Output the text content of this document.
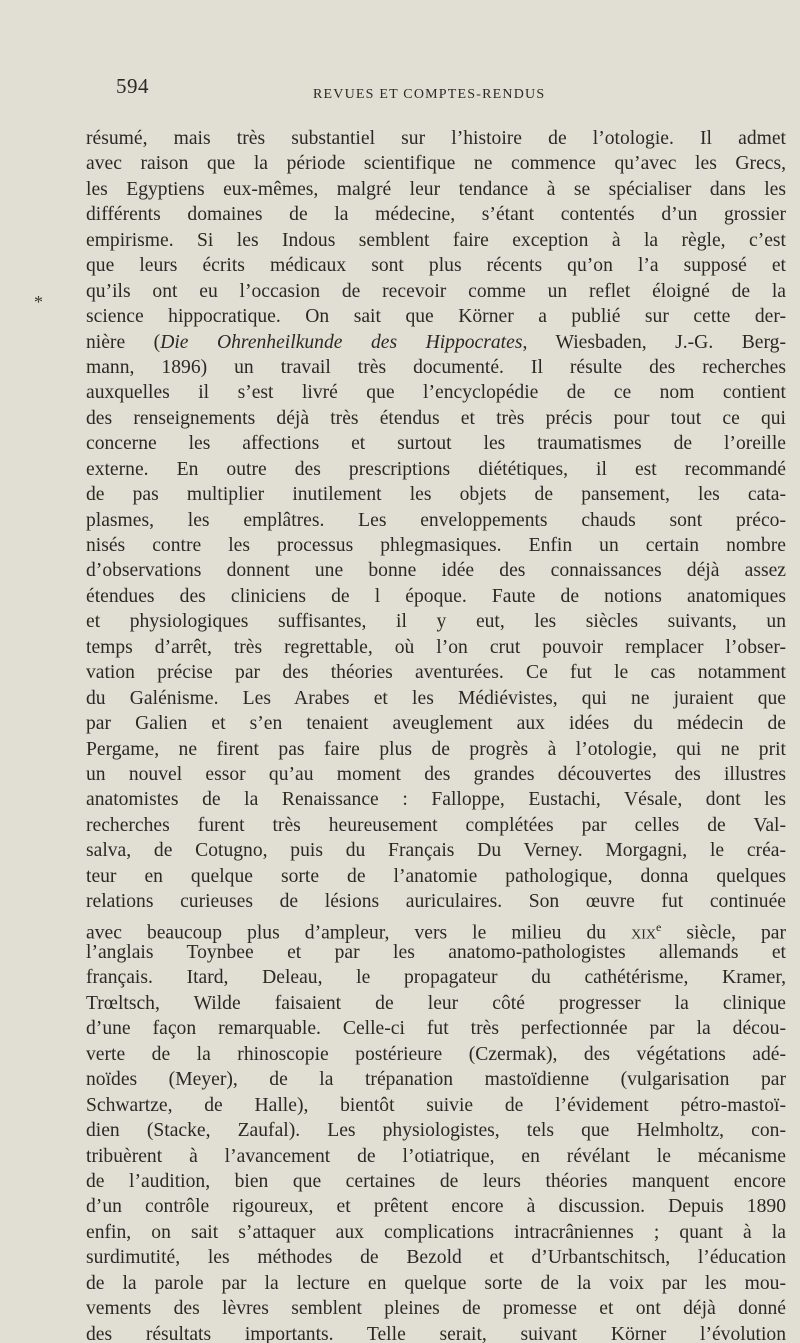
594	REVUES ET COMPTES-RENDUS
*
résumé, mais très substantiel sur l’histoire de l’otologie. Il admet
avec raison que la période scientifique ne commence qu’avec les Grecs,
les Egyptiens eux-mêmes, malgré leur tendance à se spécialiser dans les
différents domaines de la médecine, s’étant contentés d’un grossier
empirisme. Si les Indous semblent faire exception à la règle, c’est
que leurs écrits médicaux sont plus récents qu’on l’a supposé et
qu’ils ont eu l’occasion de recevoir comme un reflet éloigné de la
science hippocratique. On sait que Körner a publié sur cette der-
nière (Die Ohrenheilkunde des Hippocrates, Wiesbaden, J.-G. Berg-
mann, 1896) un travail très documenté. Il résulte des recherches
auxquelles il s’est livré que l’encyclopédie de ce nom contient
des renseignements déjà très étendus et très précis pour tout ce qui
concerne les affections et surtout les traumatismes de l’oreille
externe. En outre des prescriptions diététiques, il est recommandé
de pas multiplier inutilement les objets de pansement, les cata-
plasmes, les emplâtres. Les enveloppements chauds sont préco-
nisés contre les processus phlegmasiques. Enfin un certain nombre
d’observations donnent une bonne idée des connaissances déjà assez
étendues des cliniciens de l époque. Faute de notions anatomiques
et physiologiques suffisantes, il y eut, les siècles suivants, un
temps d’arrêt, très regrettable, où l’on crut pouvoir remplacer l’obser-
vation précise par des théories aventurées. Ce fut le cas notamment
du Galénisme. Les Arabes et les Médiévistes, qui ne juraient que
par Galien et s’en tenaient aveuglement aux idées du médecin de
Pergame, ne firent pas faire plus de progrès à l’otologie, qui ne prit
un nouvel essor qu’au moment des grandes découvertes des illustres
anatomistes de la Renaissance : Falloppe, Eustachi, Vésale, dont les
recherches furent très heureusement complétées par celles de Val-
salva, de Cotugno, puis du Français Du Verney. Morgagni, le créa-
teur en quelque sorte de l’anatomie pathologique, donna quelques
relations curieuses de lésions auriculaires. Son œuvre fut continuée
avec beaucoup plus d’ampleur, vers le milieu du xix$^e$ siècle, par
l’anglais Toynbee et par les anatomo-pathologistes allemands et
français. Itard, Deleau, le propagateur du cathétérisme, Kramer,
Trœltsch, Wilde faisaient de leur côté progresser la clinique
d’une façon remarquable. Celle-ci fut très perfectionnée par la décou-
verte de la rhinoscopie postérieure (Czermak), des végétations adé-
noïdes (Meyer), de la trépanation mastoïdienne (vulgarisation par
Schwartze, de Halle), bientôt suivie de l’évidement pétro-mastoï-
dien (Stacke, Zaufal). Les physiologistes, tels que Helmholtz, con-
tribuèrent à l’avancement de l’otiatrique, en révélant le mécanisme
de l’audition, bien que certaines de leurs théories manquent encore
d’un contrôle rigoureux, et prêtent encore à discussion. Depuis 1890
enfin, on sait s’attaquer aux complications intracrâniennes ; quant à la
surdimutité, les méthodes de Bezold et d’Urbantschitsch, l’éducation
de la parole par la lecture en quelque sorte de la voix par les mou-
vements des lèvres semblent pleines de promesse et ont déjà donné
des résultats importants. Telle serait, suivant Körner l’évolution
